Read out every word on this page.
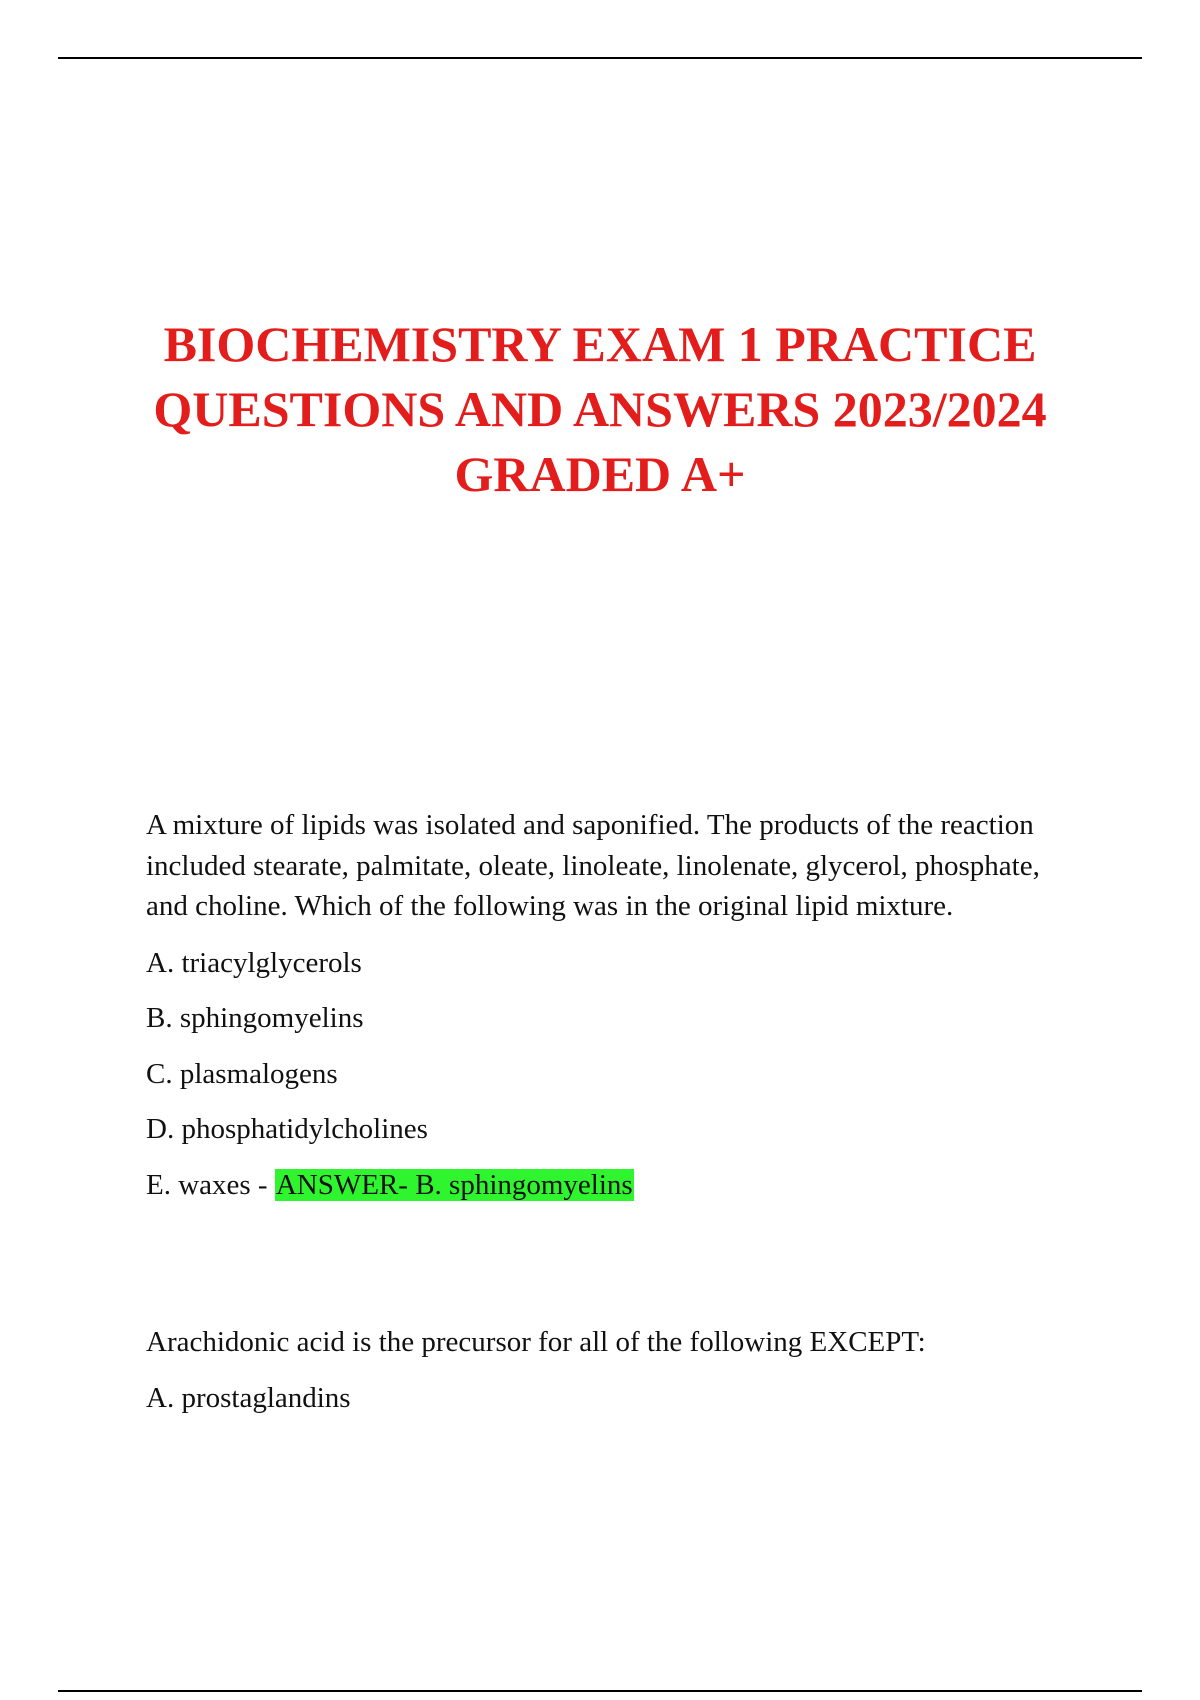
BIOCHEMISTRY EXAM 1 PRACTICE
QUESTIONS AND ANSWERS 2023/2024
GRADED A+

A mixture of lipids was isolated and saponified. The products of the reaction included stearate, palmitate, oleate, linoleate, linolenate, glycerol, phosphate, and choline. Which of the following was in the original lipid mixture.

A. triacylglycerols
B. sphingomyelins
C. plasmalogens
D. phosphatidylcholines
E. waxes - ANSWER- B. sphingomyelins

Arachidonic acid is the precursor for all of the following EXCEPT:

A. prostaglandins
